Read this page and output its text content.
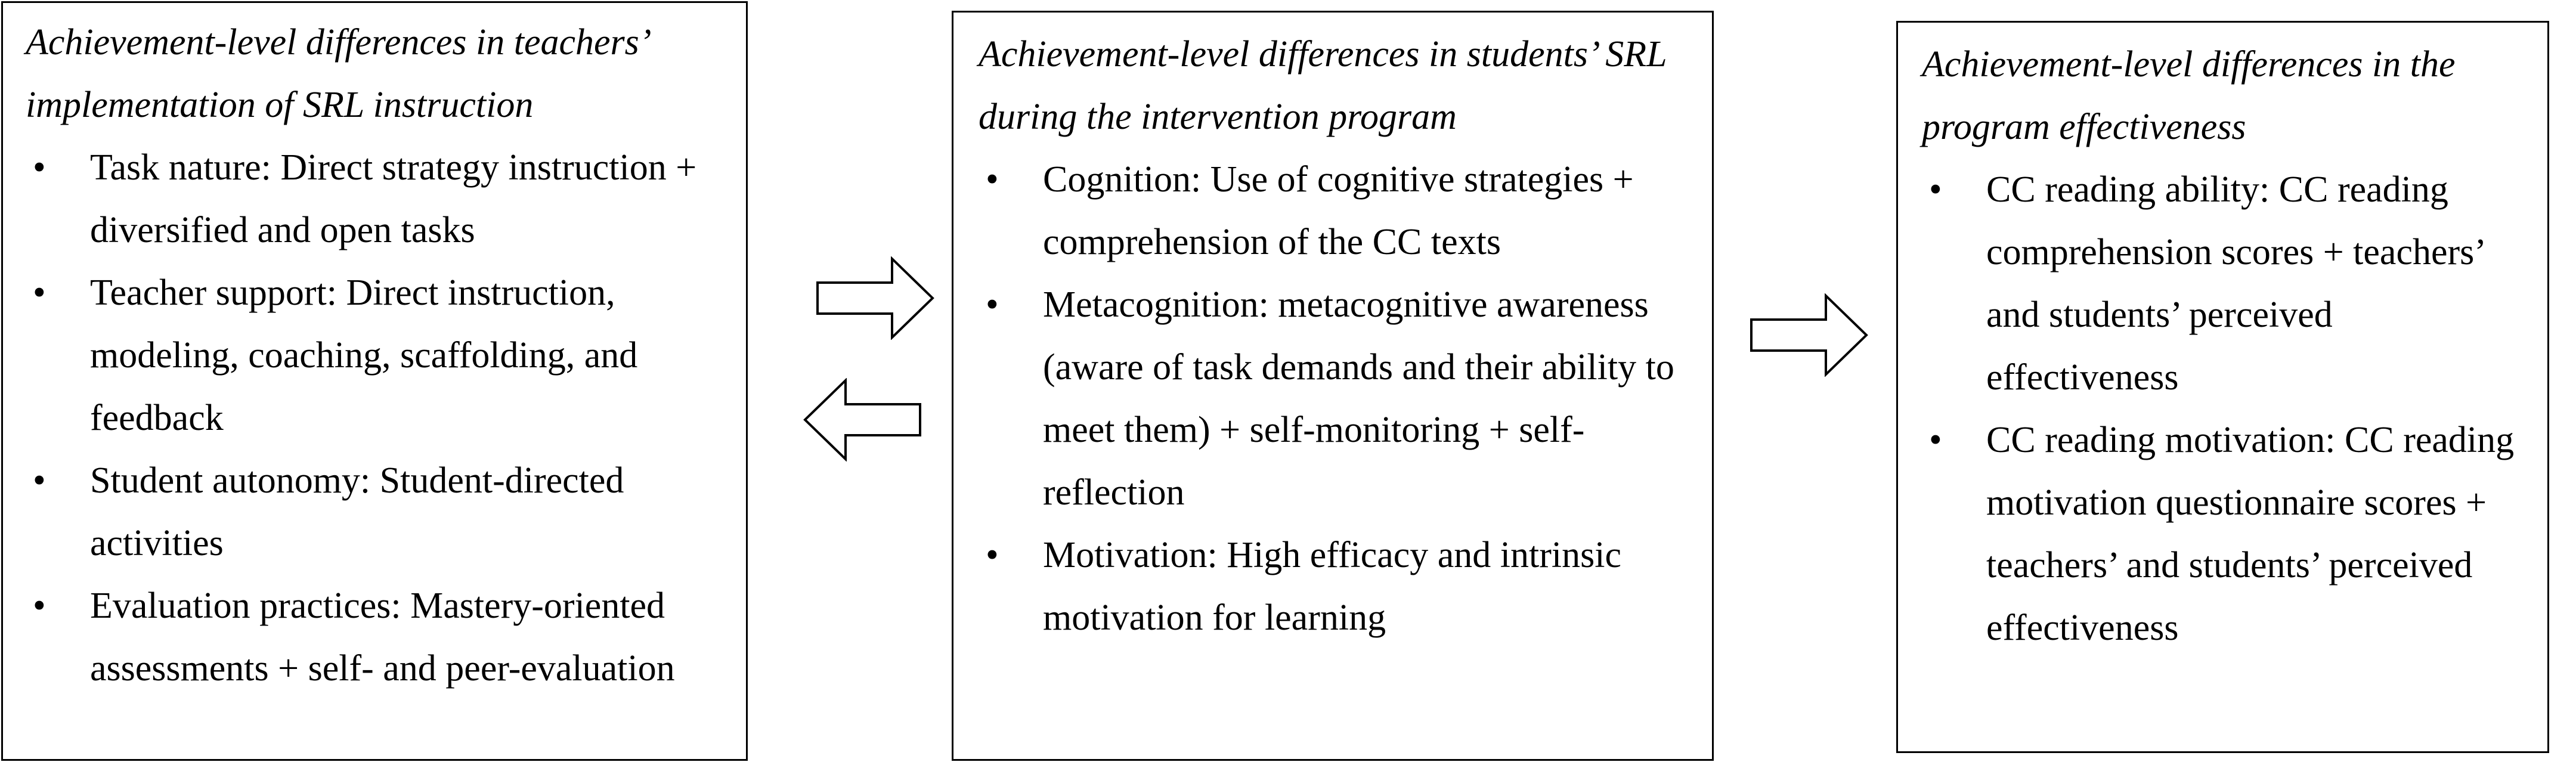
Achievement-level differences in teachers’ implementation of SRL instruction

• Task nature: Direct strategy instruction + diversified and open tasks
• Teacher support: Direct instruction, modeling, coaching, scaffolding, and feedback
• Student autonomy: Student-directed activities
• Evaluation practices: Mastery-oriented assessments + self- and peer-evaluation

Achievement-level differences in students’ SRL during the intervention program

• Cognition: Use of cognitive strategies + comprehension of the CC texts
• Metacognition: metacognitive awareness (aware of task demands and their ability to meet them) + self-monitoring + self-reflection
• Motivation: High efficacy and intrinsic motivation for learning

Achievement-level differences in the program effectiveness

• CC reading ability: CC reading comprehension scores + teachers’ and students’ perceived effectiveness
• CC reading motivation: CC reading motivation questionnaire scores + teachers’ and students’ perceived effectiveness
